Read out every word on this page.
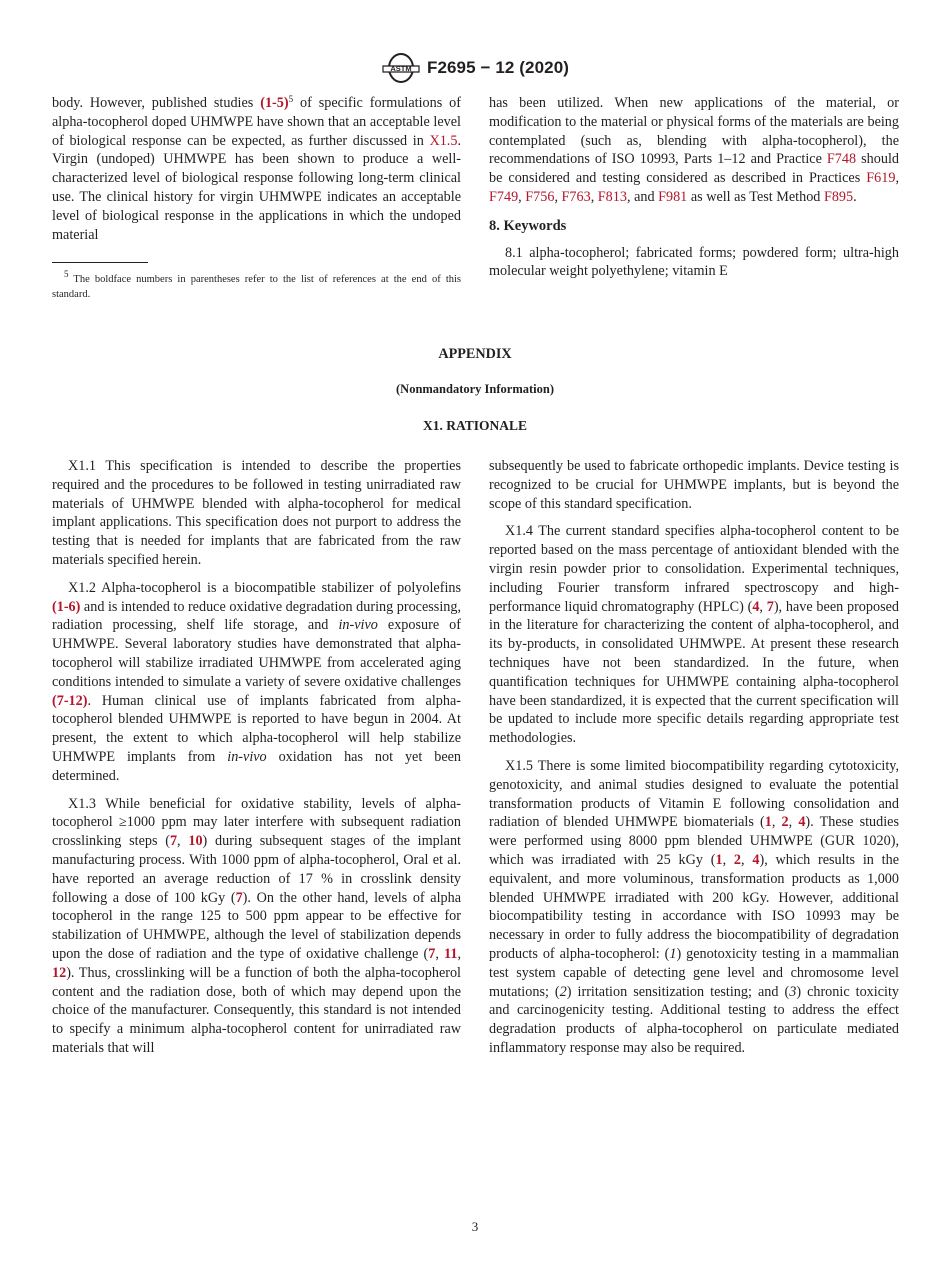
ASTM F2695 − 12 (2020)

body. However, published studies $(1-5)^5$ of specific formulations of alpha-tocopherol doped UHMWPE have shown that an acceptable level of biological response can be expected, as further discussed in X1.5. Virgin (undoped) UHMWPE has been shown to produce a well-characterized level of biological response following long-term clinical use. The clinical history for virgin UHMWPE indicates an acceptable level of biological response in the applications in which the undoped material

$^5$ The boldface numbers in parentheses refer to the list of references at the end of this standard.

has been utilized. When new applications of the material, or modification to the material or physical forms of the materials are being contemplated (such as, blending with alpha-tocopherol), the recommendations of ISO 10993, Parts 1–12 and Practice F748 should be considered and testing considered as described in Practices F619, F749, F756, F763, F813, and F981 as well as Test Method F895.

8. Keywords

8.1 alpha-tocopherol; fabricated forms; powdered form; ultra-high molecular weight polyethylene; vitamin E

APPENDIX
(Nonmandatory Information)
X1. RATIONALE

X1.1 This specification is intended to describe the properties required and the procedures to be followed in testing unirradiated raw materials of UHMWPE blended with alpha-tocopherol for medical implant applications. This specification does not purport to address the testing that is needed for implants that are fabricated from the raw materials specified herein.

X1.2 Alpha-tocopherol is a biocompatible stabilizer of polyolefins (1-6) and is intended to reduce oxidative degradation during processing, radiation processing, shelf life storage, and in-vivo exposure of UHMWPE. Several laboratory studies have demonstrated that alpha-tocopherol will stabilize irradiated UHMWPE from accelerated aging conditions intended to simulate a variety of severe oxidative challenges (7-12). Human clinical use of implants fabricated from alpha-tocopherol blended UHMWPE is reported to have begun in 2004. At present, the extent to which alpha-tocopherol will help stabilize UHMWPE implants from in-vivo oxidation has not yet been determined.

X1.3 While beneficial for oxidative stability, levels of alpha-tocopherol ≥1000 ppm may later interfere with subsequent radiation crosslinking steps (7, 10) during subsequent stages of the implant manufacturing process. With 1000 ppm of alpha-tocopherol, Oral et al. have reported an average reduction of 17 % in crosslink density following a dose of 100 kGy (7). On the other hand, levels of alpha tocopherol in the range 125 to 500 ppm appear to be effective for stabilization of UHMWPE, although the level of stabilization depends upon the dose of radiation and the type of oxidative challenge (7, 11, 12). Thus, crosslinking will be a function of both the alpha-tocopherol content and the radiation dose, both of which may depend upon the choice of the manufacturer. Consequently, this standard is not intended to specify a minimum alpha-tocopherol content for unirradiated raw materials that will

subsequently be used to fabricate orthopedic implants. Device testing is recognized to be crucial for UHMWPE implants, but is beyond the scope of this standard specification.

X1.4 The current standard specifies alpha-tocopherol content to be reported based on the mass percentage of antioxidant blended with the virgin resin powder prior to consolidation. Experimental techniques, including Fourier transform infrared spectroscopy and high-performance liquid chromatography (HPLC) (4, 7), have been proposed in the literature for characterizing the content of alpha-tocopherol, and its by-products, in consolidated UHMWPE. At present these research techniques have not been standardized. In the future, when quantification techniques for UHMWPE containing alpha-tocopherol have been standardized, it is expected that the current specification will be updated to include more specific details regarding appropriate test methodologies.

X1.5 There is some limited biocompatibility regarding cytotoxicity, genotoxicity, and animal studies designed to evaluate the potential transformation products of Vitamin E following consolidation and radiation of blended UHMWPE biomaterials (1, 2, 4). These studies were performed using 8000 ppm blended UHMWPE (GUR 1020), which was irradiated with 25 kGy (1, 2, 4), which results in the equivalent, and more voluminous, transformation products as 1,000 blended UHMWPE irradiated with 200 kGy. However, additional biocompatibility testing in accordance with ISO 10993 may be necessary in order to fully address the biocompatibility of degradation products of alpha-tocopherol: (1) genotoxicity testing in a mammalian test system capable of detecting gene level and chromosome level mutations; (2) irritation sensitization testing; and (3) chronic toxicity and carcinogenicity testing. Additional testing to address the effect degradation products of alpha-tocopherol on particulate mediated inflammatory response may also be required.

3
